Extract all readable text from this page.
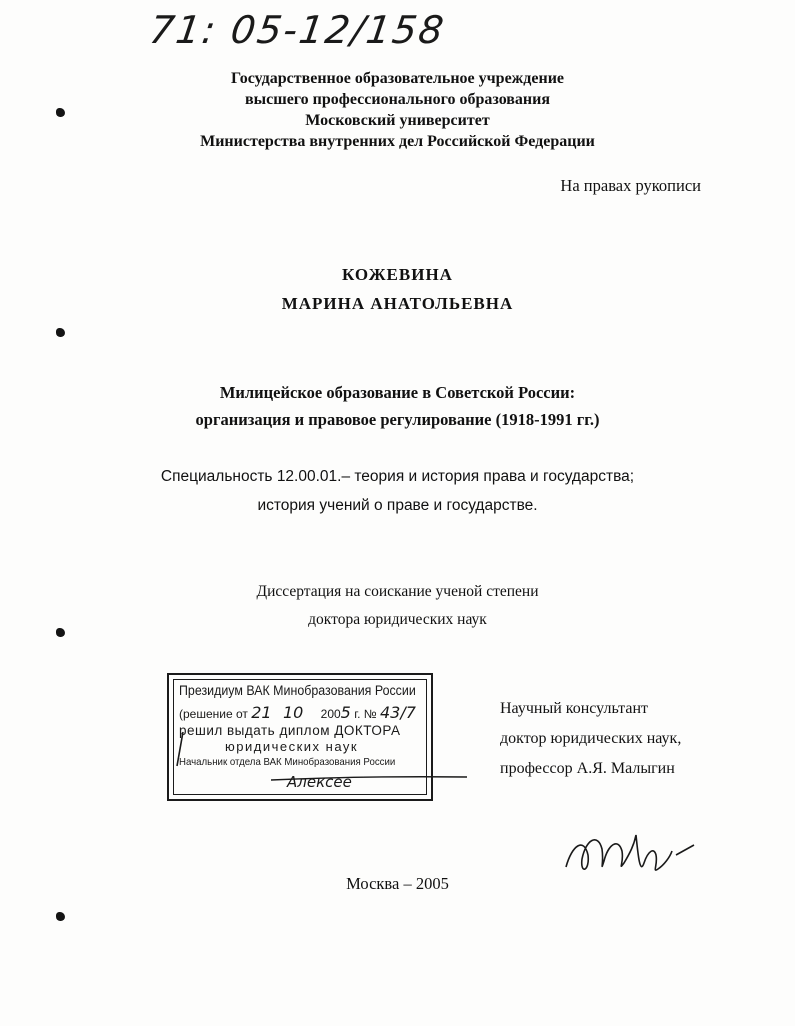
71: 05-12/158
Государственное образовательное учреждение
высшего профессионального образования
Московский университет
Министерства внутренних дел Российской Федерации
На правах рукописи
КОЖЕВИНА
МАРИНА АНАТОЛЬЕВНА
Милицейское образование в Советской России:
организация и правовое регулирование (1918-1991 гг.)
Специальность 12.00.01.– теория и история права и государства;
история учений о праве и государстве.
Диссертация на соискание ученой степени
доктора юридических наук
Президиум ВАК Минобразования России
(решение от 21 10 2005 г. № 43/7
решил выдать диплом ДОКТОРА
юридических наук
Начальник отдела ВАК Минобразования России
Алексее
Научный консультант
доктор юридических наук,
профессор А.Я. Малыгин
Москва – 2005
